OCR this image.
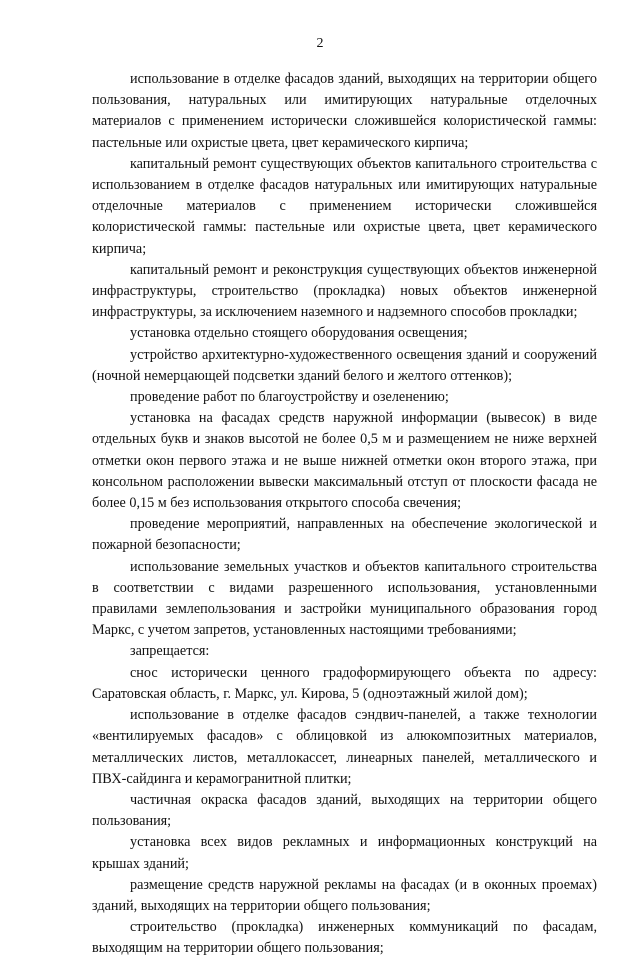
2

использование в отделке фасадов зданий, выходящих на территории общего пользования, натуральных или имитирующих натуральные отделочных материалов с применением исторически сложившейся колористической гаммы: пастельные или охристые цвета, цвет керамического кирпича;

капитальный ремонт существующих объектов капитального строительства с использованием в отделке фасадов натуральных или имитирующих натуральные отделочные материалов с применением исторически сложившейся колористической гаммы: пастельные или охристые цвета, цвет керамического кирпича;

капитальный ремонт и реконструкция существующих объектов инженерной инфраструктуры, строительство (прокладка) новых объектов инженерной инфраструктуры, за исключением наземного и надземного способов прокладки;

установка отдельно стоящего оборудования освещения;

устройство архитектурно-художественного освещения зданий и сооружений (ночной немерцающей подсветки зданий белого и желтого оттенков);

проведение работ по благоустройству и озеленению;

установка на фасадах средств наружной информации (вывесок) в виде отдельных букв и знаков высотой не более 0,5 м и размещением не ниже верхней отметки окон первого этажа и не выше нижней отметки окон второго этажа, при консольном расположении вывески максимальный отступ от плоскости фасада не более 0,15 м без использования открытого способа свечения;

проведение мероприятий, направленных на обеспечение экологической и пожарной безопасности;

использование земельных участков и объектов капитального строительства в соответствии с видами разрешенного использования, установленными правилами землепользования и застройки муниципального образования город Маркс, с учетом запретов, установленных настоящими требованиями;

запрещается:

снос исторически ценного градоформирующего объекта по адресу: Саратовская область, г. Маркс, ул. Кирова, 5 (одноэтажный жилой дом);

использование в отделке фасадов сэндвич-панелей, а также технологии «вентилируемых фасадов» с облицовкой из алюкомпозитных материалов, металлических листов, металлокассет, линеарных панелей, металлического и ПВХ-сайдинга и керамогранитной плитки;

частичная окраска фасадов зданий, выходящих на территории общего пользования;

установка всех видов рекламных и информационных конструкций на крышах зданий;

размещение средств наружной рекламы на фасадах (и в оконных проемах) зданий, выходящих на территории общего пользования;

строительство (прокладка) инженерных коммуникаций по фасадам, выходящим на территории общего пользования;
